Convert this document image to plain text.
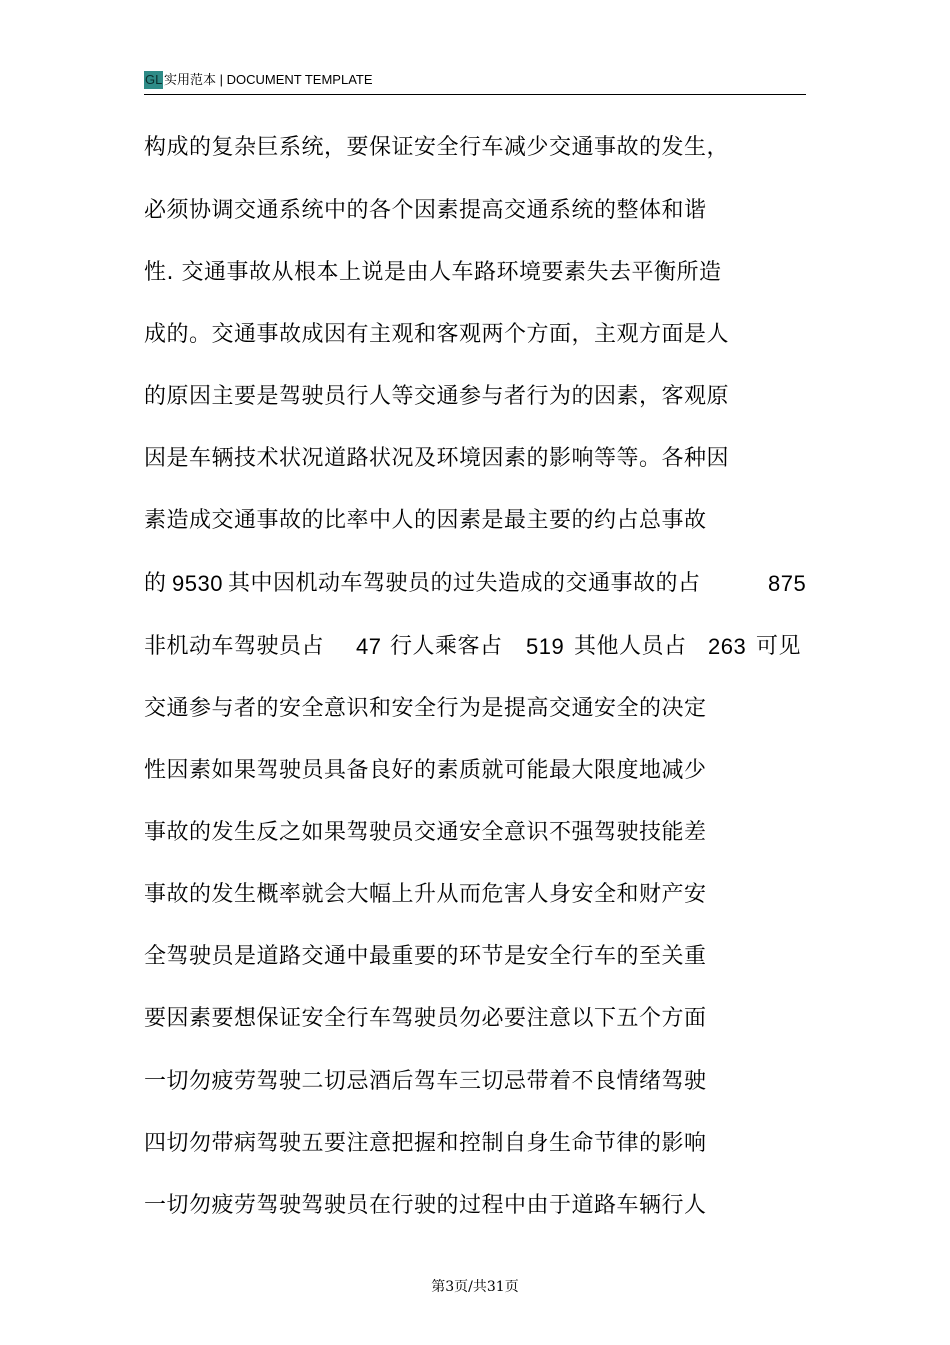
GL 实用范本 | DOCUMENT TEMPLATE
构成的复杂巨系统，要保证安全行车减少交通事故的发生，
必须协调交通系统中的各个因素提高交通系统的整体和谐
性. 交通事故从根本上说是由人车路环境要素失去平衡所造
成的。交通事故成因有主观和客观两个方面，主观方面是人
的原因主要是驾驶员行人等交通参与者行为的因素，客观原
因是车辆技术状况道路状况及环境因素的影响等等。各种因
素造成交通事故的比率中人的因素是最主要的约占总事故
的 9530 其中因机动车驾驶员的过失造成的交通事故的占	875
非机动车驾驶员占 47 行人乘客占 519 其他人员占 263 可见
交通参与者的安全意识和安全行为是提高交通安全的决定
性因素如果驾驶员具备良好的素质就可能最大限度地减少
事故的发生反之如果驾驶员交通安全意识不强驾驶技能差
事故的发生概率就会大幅上升从而危害人身安全和财产安
全驾驶员是道路交通中最重要的环节是安全行车的至关重
要因素要想保证安全行车驾驶员勿必要注意以下五个方面
一切勿疲劳驾驶二切忌酒后驾车三切忌带着不良情绪驾驶
四切勿带病驾驶五要注意把握和控制自身生命节律的影响
一切勿疲劳驾驶驾驶员在行驶的过程中由于道路车辆行人
第3页/共31页
